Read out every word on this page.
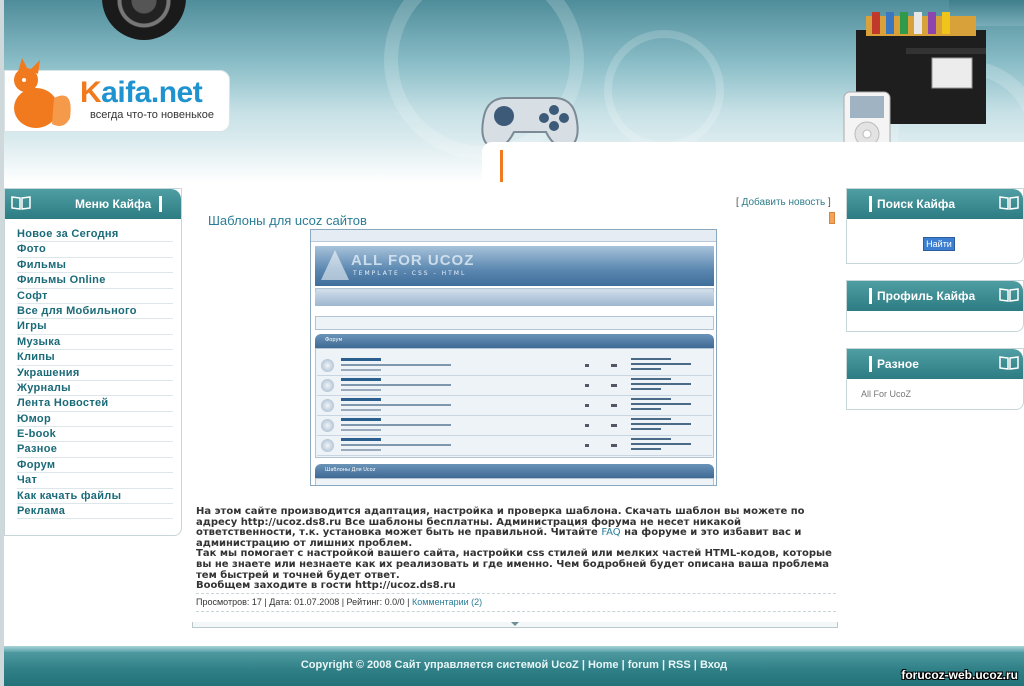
Kaifa.net
всегда что-то новенькое
Меню Кайфа
Новое за Сегодня
Фото
Фильмы
Фильмы Online
Софт
Все для Мобильного
Игры
Музыка
Клипы
Украшения
Журналы
Лента Новостей
Юмор
E-book
Разное
Форум
Чат
Как качать файлы
Реклама
Поиск Кайфа
Найти
Профиль Кайфа
Разное
All For UcoZ
[ Добавить новость ]
Шаблоны для ucoz сайтов
ALL FOR UCOZ
TEMPLATE - CSS - HTML
Форум
Шаблоны Для Ucoz
На этом сайте производится адаптация, настройка и проверка шаблона. Скачать шаблон вы можете по адресу http://ucoz.ds8.ru Все шаблоны бесплатны. Администрация форума не несет никакой ответственности, т.к. установка может быть не правильной. Читайте FAQ на форуме и это избавит вас и администрацию от лишних проблем.
Так мы помогает с настройкой вашего сайта, настройки css стилей или мелких частей HTML-кодов, которые вы не знаете или незнаете как их реализовать и где именно. Чем бодробней будет описана ваша проблема тем быстрей и точней будет ответ.
Вообщем заходите в гости http://ucoz.ds8.ru
Просмотров: 17 | Дата: 01.07.2008 | Рейтинг: 0.0/0 | Комментарии (2)
Copyright © 2008 Сайт управляется системой UcoZ | Home | forum | RSS | Вход
forucoz-web.ucoz.ru
